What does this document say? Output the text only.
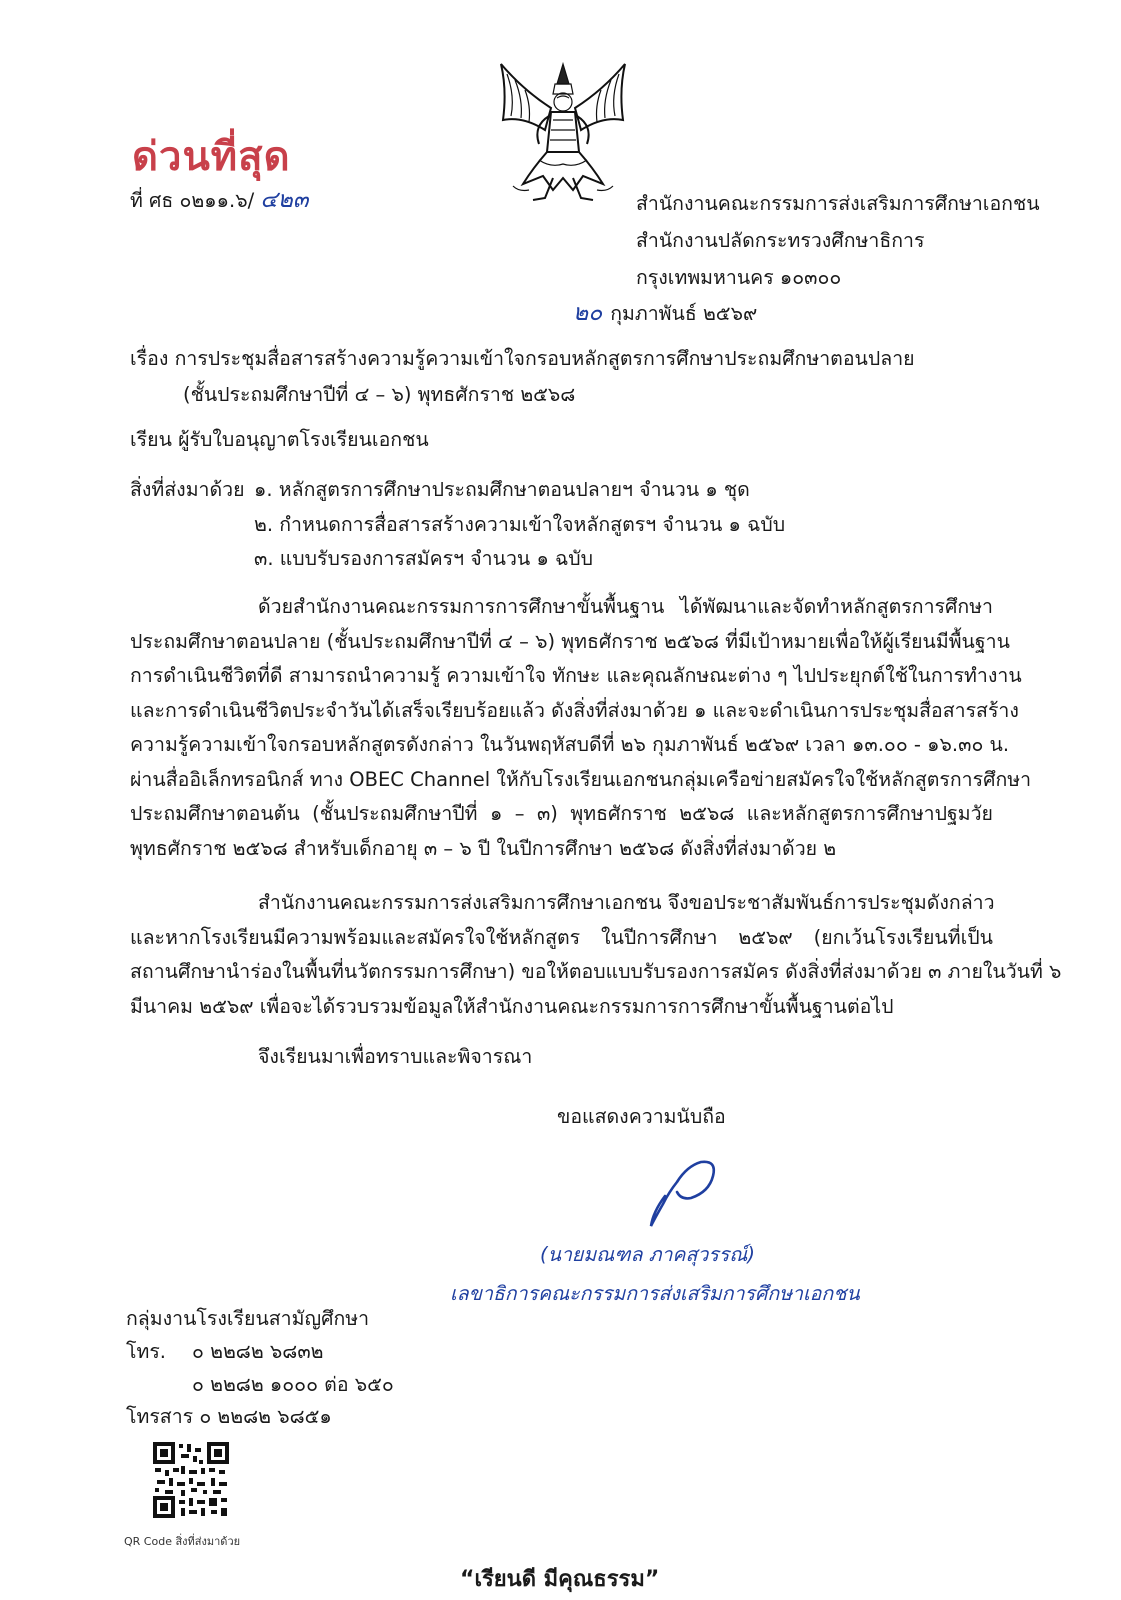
ด่วนที่สุด
ที่ ศธ ๐๒๑๑.๖/ ๔๒๓	สำนักงานคณะกรรมการส่งเสริมการศึกษาเอกชน
สำนักงานปลัดกระทรวงศึกษาธิการ
กรุงเทพมหานคร ๑๐๓๐๐
๒๐ กุมภาพันธ์ ๒๕๖๙
เรื่อง การประชุมสื่อสารสร้างความรู้ความเข้าใจกรอบหลักสูตรการศึกษาประถมศึกษาตอนปลาย
(ชั้นประถมศึกษาปีที่ ๔ – ๖) พุทธศักราช ๒๕๖๘
เรียน ผู้รับใบอนุญาตโรงเรียนเอกชน
สิ่งที่ส่งมาด้วย ๑. หลักสูตรการศึกษาประถมศึกษาตอนปลายฯ จำนวน ๑ ชุด
๒. กำหนดการสื่อสารสร้างความเข้าใจหลักสูตรฯ จำนวน ๑ ฉบับ
๓. แบบรับรองการสมัครฯ จำนวน ๑ ฉบับ
ด้วยสำนักงานคณะกรรมการการศึกษาขั้นพื้นฐาน ได้พัฒนาและจัดทำหลักสูตรการศึกษา
ประถมศึกษาตอนปลาย (ชั้นประถมศึกษาปีที่ ๔ – ๖) พุทธศักราช ๒๕๖๘ ที่มีเป้าหมายเพื่อให้ผู้เรียนมีพื้นฐาน
การดำเนินชีวิตที่ดี สามารถนำความรู้ ความเข้าใจ ทักษะ และคุณลักษณะต่าง ๆ ไปประยุกต์ใช้ในการทำงาน
และการดำเนินชีวิตประจำวันได้เสร็จเรียบร้อยแล้ว ดังสิ่งที่ส่งมาด้วย ๑ และจะดำเนินการประชุมสื่อสารสร้าง
ความรู้ความเข้าใจกรอบหลักสูตรดังกล่าว ในวันพฤหัสบดีที่ ๒๖ กุมภาพันธ์ ๒๕๖๙ เวลา ๑๓.๐๐ - ๑๖.๓๐ น.
ผ่านสื่ออิเล็กทรอนิกส์ ทาง OBEC Channel ให้กับโรงเรียนเอกชนกลุ่มเครือข่ายสมัครใจใช้หลักสูตรการศึกษา
ประถมศึกษาตอนต้น (ชั้นประถมศึกษาปีที่ ๑ – ๓) พุทธศักราช ๒๕๖๘ และหลักสูตรการศึกษาปฐมวัย
พุทธศักราช ๒๕๖๘ สำหรับเด็กอายุ ๓ – ๖ ปี ในปีการศึกษา ๒๕๖๘ ดังสิ่งที่ส่งมาด้วย ๒
สำนักงานคณะกรรมการส่งเสริมการศึกษาเอกชน จึงขอประชาสัมพันธ์การประชุมดังกล่าว
และหากโรงเรียนมีความพร้อมและสมัครใจใช้หลักสูตร ในปีการศึกษา ๒๕๖๙ (ยกเว้นโรงเรียนที่เป็น
สถานศึกษานำร่องในพื้นที่นวัตกรรมการศึกษา) ขอให้ตอบแบบรับรองการสมัคร ดังสิ่งที่ส่งมาด้วย ๓ ภายในวันที่ ๖
มีนาคม ๒๕๖๙ เพื่อจะได้รวบรวมข้อมูลให้สำนักงานคณะกรรมการการศึกษาขั้นพื้นฐานต่อไป
จึงเรียนมาเพื่อทราบและพิจารณา
ขอแสดงความนับถือ
(นายมณฑล ภาคสุวรรณ์)
เลขาธิการคณะกรรมการส่งเสริมการศึกษาเอกชน
กลุ่มงานโรงเรียนสามัญศึกษา
โทร. ๐ ๒๒๘๒ ๖๘๓๒
๐ ๒๒๘๒ ๑๐๐๐ ต่อ ๖๕๐
โทรสาร ๐ ๒๒๘๒ ๖๘๕๑
QR Code สิ่งที่ส่งมาด้วย
“เรียนดี มีคุณธรรม”
